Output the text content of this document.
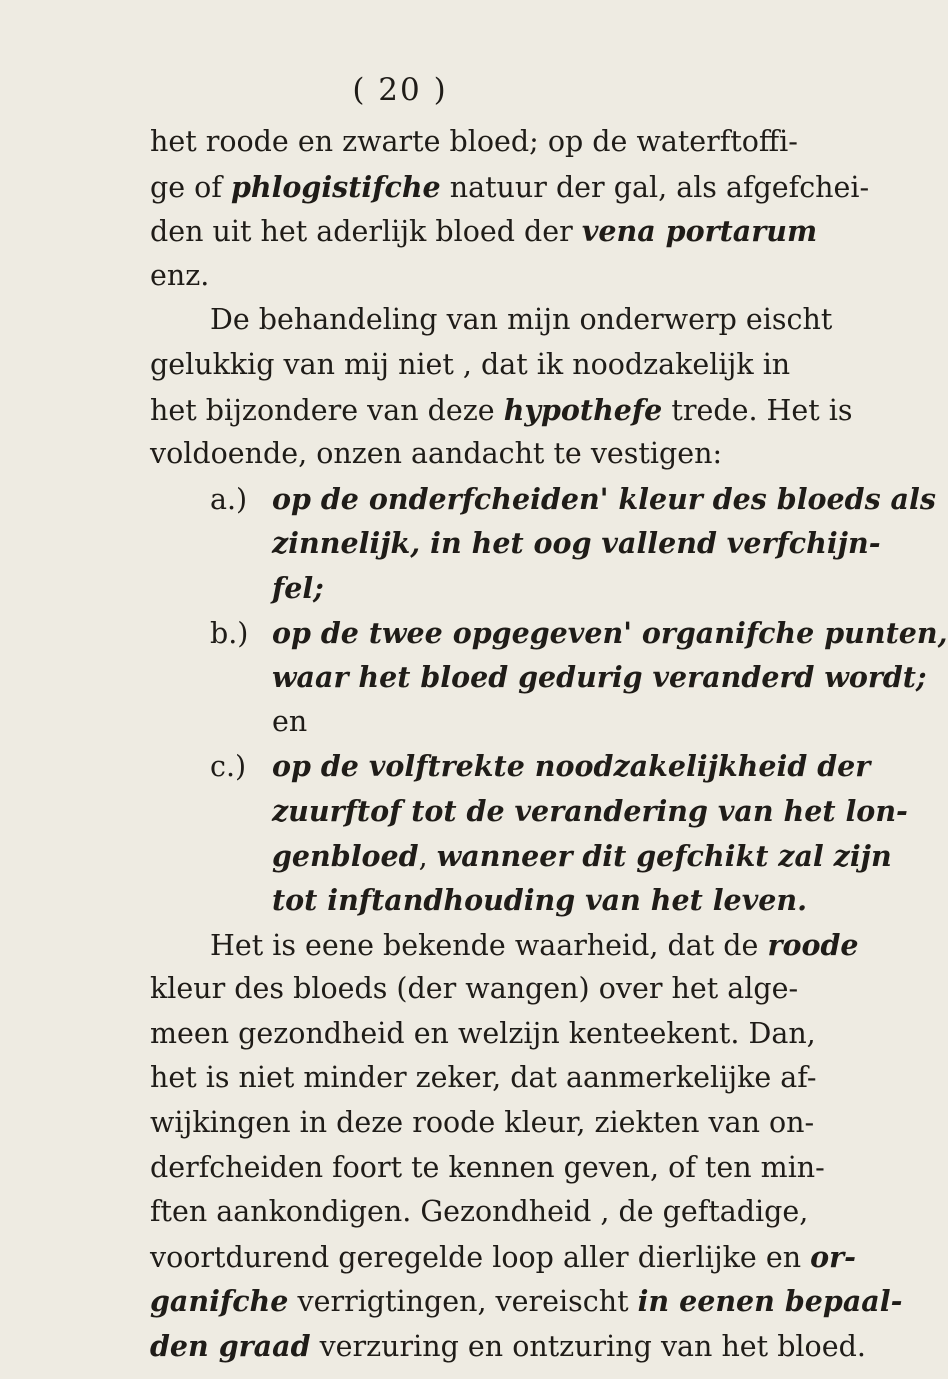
( 20 )
het roode en zwarte bloed; op de waterftoffi-
ge of phlogistifche natuur der gal, als afgefchei-
den uit het aderlijk bloed der vena portarum
enz.
De behandeling van mijn onderwerp eischt
gelukkig van mij niet , dat ik noodzakelijk in
het bijzondere van deze hypothefe trede. Het is
voldoende, onzen aandacht te vestigen:
a.) op de onderfcheiden' kleur des bloeds als
zinnelijk, in het oog vallend verfchijn-
fel;
b.) op de twee opgegeven' organifche punten,
waar het bloed gedurig veranderd wordt;
en
c.) op de volftrekte noodzakelijkheid der
zuurftof tot de verandering van het lon-
genbloed, wanneer dit gefchikt zal zijn
tot inftandhouding van het leven.
Het is eene bekende waarheid, dat de roode
kleur des bloeds (der wangen) over het alge-
meen gezondheid en welzijn kenteekent. Dan,
het is niet minder zeker, dat aanmerkelijke af-
wijkingen in deze roode kleur, ziekten van on-
derfcheiden foort te kennen geven, of ten min-
ften aankondigen. Gezondheid , de geftadige,
voortdurend geregelde loop aller dierlijke en or-
ganifche verrigtingen, vereischt in eenen bepaal-
den graad verzuring en ontzuring van het bloed.
